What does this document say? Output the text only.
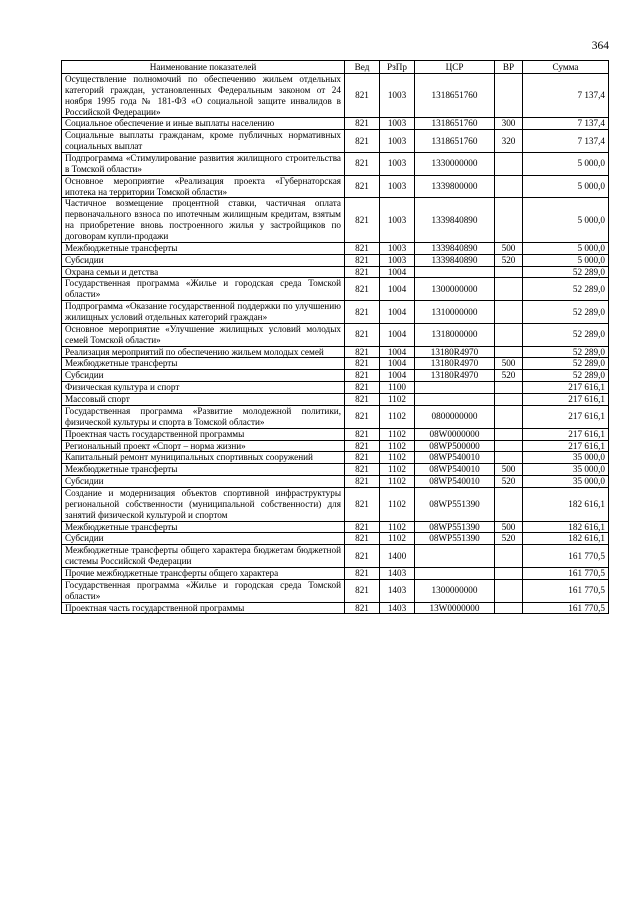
364
Наименование показателей	Вед	РзПр	ЦСР	ВР	Сумма
Осуществление полномочий по обеспечению жильем отдельных категорий граждан, установленных Федеральным законом от 24 ноября 1995 года № 181-ФЗ «О социальной защите инвалидов в Российской Федерации»	821	1003	1318651760		7 137,4
Социальное обеспечение и иные выплаты населению	821	1003	1318651760	300	7 137,4
Социальные выплаты гражданам, кроме публичных нормативных социальных выплат	821	1003	1318651760	320	7 137,4
Подпрограмма «Стимулирование развития жилищного строительства в Томской области»	821	1003	1330000000		5 000,0
Основное мероприятие «Реализация проекта «Губернаторская ипотека на территории Томской области»	821	1003	1339800000		5 000,0
Частичное возмещение процентной ставки, частичная оплата первоначального взноса по ипотечным жилищным кредитам, взятым на приобретение вновь построенного жилья у застройщиков по договорам купли-продажи	821	1003	1339840890		5 000,0
Межбюджетные трансферты	821	1003	1339840890	500	5 000,0
Субсидии	821	1003	1339840890	520	5 000,0
Охрана семьи и детства	821	1004			52 289,0
Государственная программа «Жилье и городская среда Томской области»	821	1004	1300000000		52 289,0
Подпрограмма «Оказание государственной поддержки по улучшению жилищных условий отдельных категорий граждан»	821	1004	1310000000		52 289,0
Основное мероприятие «Улучшение жилищных условий молодых семей Томской области»	821	1004	1318000000		52 289,0
Реализация мероприятий по обеспечению жильем молодых семей	821	1004	13180R4970		52 289,0
Межбюджетные трансферты	821	1004	13180R4970	500	52 289,0
Субсидии	821	1004	13180R4970	520	52 289,0
Физическая культура и спорт	821	1100			217 616,1
Массовый спорт	821	1102			217 616,1
Государственная программа «Развитие молодежной политики, физической культуры и спорта в Томской области»	821	1102	0800000000		217 616,1
Проектная часть государственной программы	821	1102	08W0000000		217 616,1
Региональный проект «Спорт – норма жизни»	821	1102	08WP500000		217 616,1
Капитальный ремонт муниципальных спортивных сооружений	821	1102	08WP540010		35 000,0
Межбюджетные трансферты	821	1102	08WP540010	500	35 000,0
Субсидии	821	1102	08WP540010	520	35 000,0
Создание и модернизация объектов спортивной инфраструктуры региональной собственности (муниципальной собственности) для занятий физической культурой и спортом	821	1102	08WP551390		182 616,1
Межбюджетные трансферты	821	1102	08WP551390	500	182 616,1
Субсидии	821	1102	08WP551390	520	182 616,1
Межбюджетные трансферты общего характера бюджетам бюджетной системы Российской Федерации	821	1400			161 770,5
Прочие межбюджетные трансферты общего характера	821	1403			161 770,5
Государственная программа «Жилье и городская среда Томской области»	821	1403	1300000000		161 770,5
Проектная часть государственной программы	821	1403	13W0000000		161 770,5
